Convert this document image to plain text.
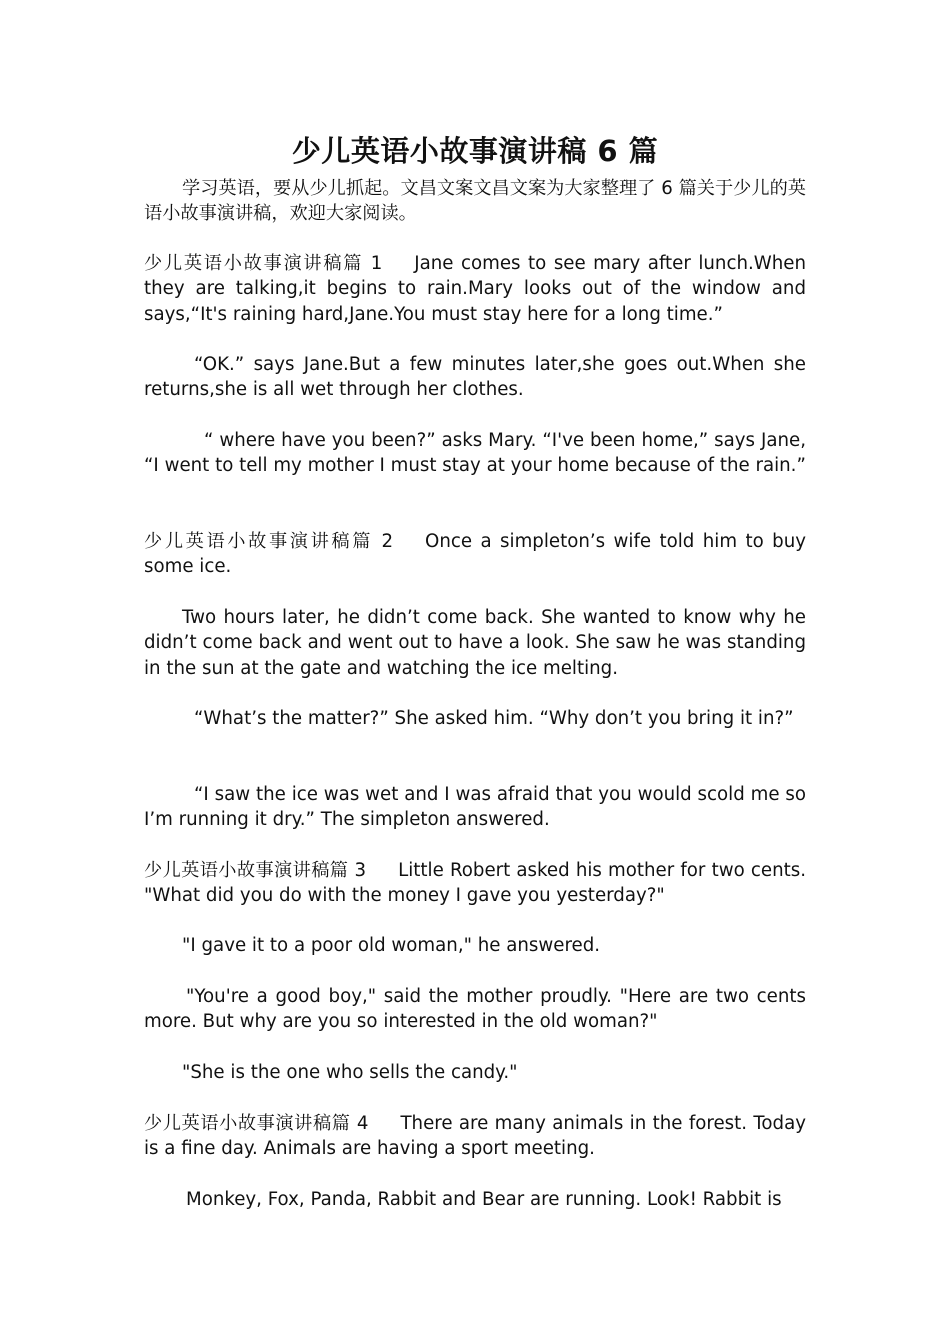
少儿英语小故事演讲稿 6 篇

学习英语，要从少儿抓起。文昌文案文昌文案为大家整理了 6 篇关于少儿的英语小故事演讲稿，欢迎大家阅读。

少儿英语小故事演讲稿篇 1 Jane comes to see mary after lunch.When they are talking,it begins to rain.Mary looks out of the window and says,“It's raining hard,Jane.You must stay here for a long time.”

“OK.” says Jane.But a few minutes later,she goes out.When she returns,she is all wet through her clothes.

“ where have you been?” asks Mary. “I've been home,” says Jane, “I went to tell my mother I must stay at your home because of the rain.”

少儿英语小故事演讲稿篇 2 Once a simpleton’s wife told him to buy some ice.

Two hours later, he didn’t come back. She wanted to know why he didn’t come back and went out to have a look. She saw he was standing in the sun at the gate and watching the ice melting.

“What’s the matter?” She asked him. “Why don’t you bring it in?”

“I saw the ice was wet and I was afraid that you would scold me so I’m running it dry.” The simpleton answered.

少儿英语小故事演讲稿篇 3 Little Robert asked his mother for two cents. "What did you do with the money I gave you yesterday?"

"I gave it to a poor old woman," he answered.

"You're a good boy," said the mother proudly. "Here are two cents more. But why are you so interested in the old woman?"

"She is the one who sells the candy."

少儿英语小故事演讲稿篇 4 There are many animals in the forest. Today is a fine day. Animals are having a sport meeting.

Monkey, Fox, Panda, Rabbit and Bear are running. Look! Rabbit is
